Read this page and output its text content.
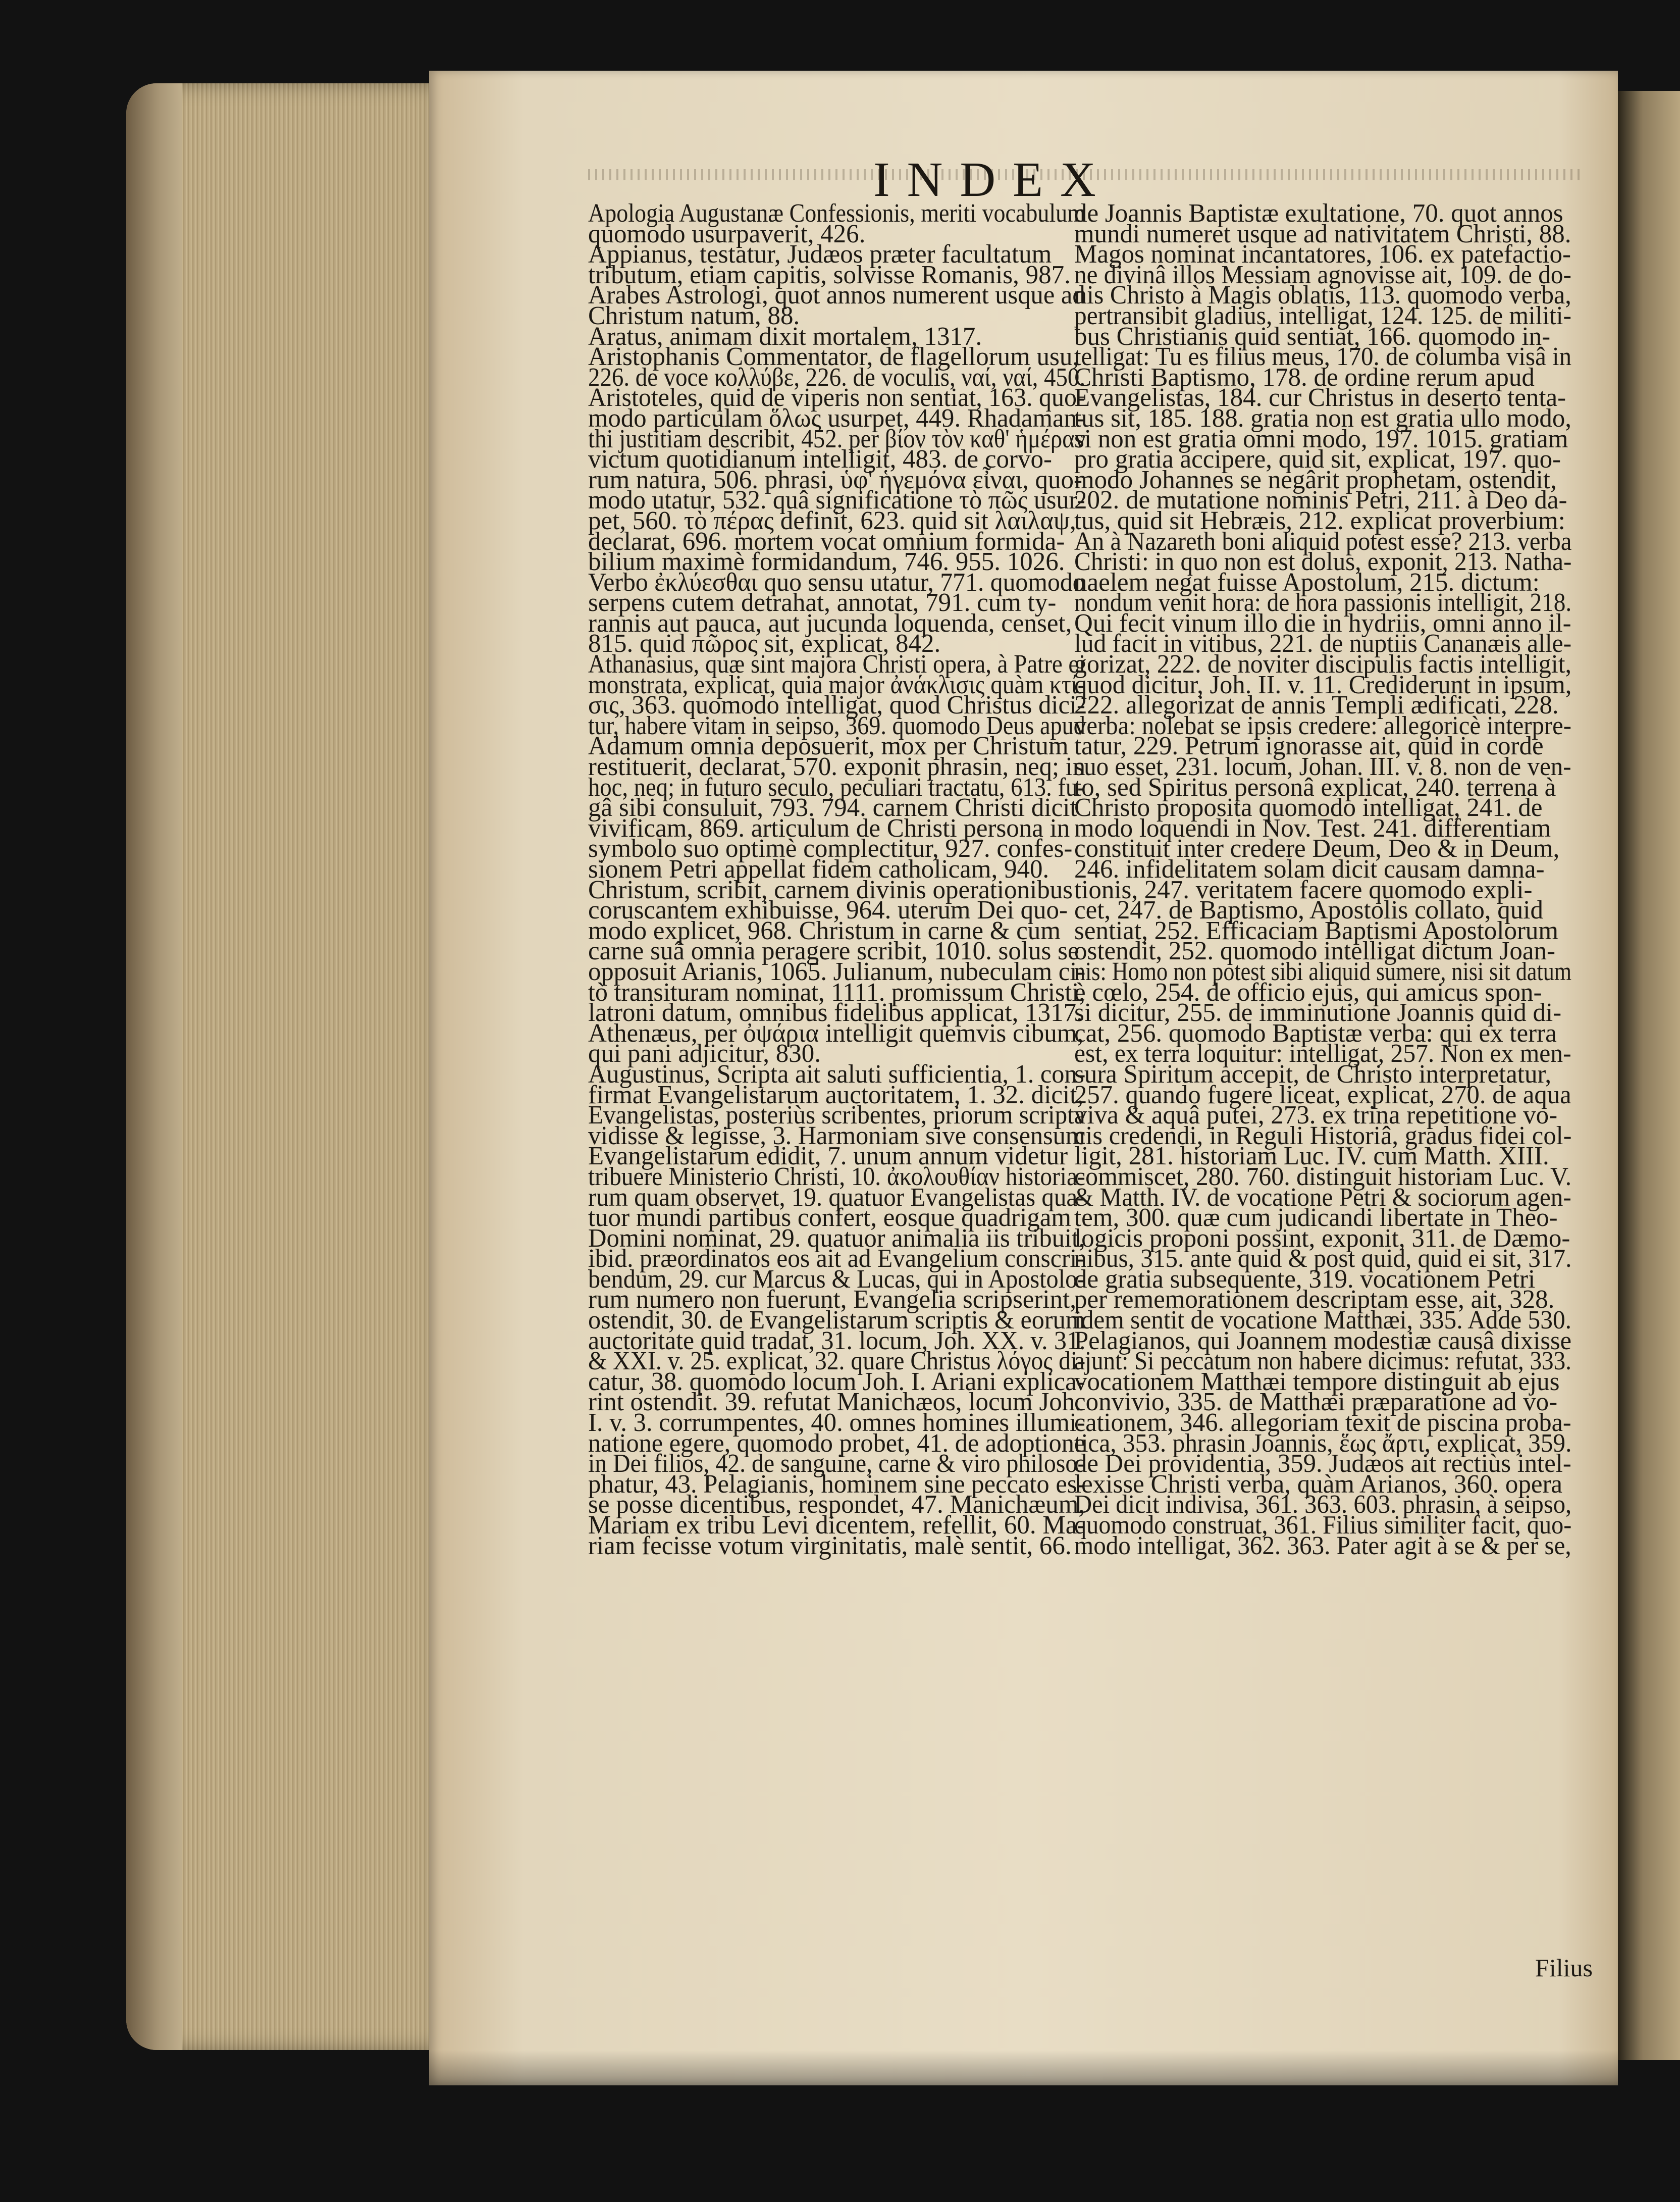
INDEX
Apologia Augustanæ Confessionis, meriti vocabulum
quomodo usurpaverit, 426.
Appianus, testatur, Judæos præter facultatum
tributum, etiam capitis, solvisse Romanis, 987.
Arabes Astrologi, quot annos numerent usque ad
Christum natum, 88.
Aratus, animam dixit mortalem, 1317.
Aristophanis Commentator, de flagellorum usu,
226. de voce κολλύβε, 226. de voculis, ναί, ναί, 450.
Aristoteles, quid de viperis non sentiat, 163. quo-
modo particulam ὅλως usurpet, 449. Rhadaman-
thi justitiam describit, 452. per βίον τὸν καθ' ἡμέραν
victum quotidianum intelligit, 483. de corvo-
rum natura, 506. phrasi, ὑφ' ἡγεμόνα εἶναι, quo-
modo utatur, 532. quâ significatione τὸ πῶς usur-
pet, 560. τὸ πέρας definit, 623. quid sit λαιλαψ,
declarat, 696. mortem vocat omnium formida-
bilium maximè formidandum, 746. 955. 1026.
Verbo ἐκλύεσθαι quo sensu utatur, 771. quomodo
serpens cutem detrahat, annotat, 791. cum ty-
rannis aut pauca, aut jucunda loquenda, censet,
815. quid πῶρος sit, explicat, 842.
Athanasius, quæ sint majora Christi opera, à Patre ei
monstrata, explicat, quia major ἀνάκλισις quàm κτί-
σις, 363. quomodo intelligat, quod Christus dici-
tur, habere vitam in seipso, 369. quomodo Deus apud
Adamum omnia deposuerit, mox per Christum
restituerit, declarat, 570. exponit phrasin, neq; in
hoc, neq; in futuro seculo, peculiari tractatu, 613. fu-
gâ sibi consuluit, 793. 794. carnem Christi dicit
vivificam, 869. articulum de Christi persona in
symbolo suo optimè complectitur, 927. confes-
sionem Petri appellat fidem catholicam, 940.
Christum, scribit, carnem divinis operationibus
coruscantem exhibuisse, 964. uterum Dei quo-
modo explicet, 968. Christum in carne & cum
carne suâ omnia peragere scribit, 1010. solus se
opposuit Arianis, 1065. Julianum, nubeculam ci-
tò transituram nominat, 1111. promissum Christi,
latroni datum, omnibus fidelibus applicat, 1317.
Athenæus, per ὀψάρια intelligit quemvis cibum,
qui pani adjicitur, 830.
Augustinus, Scripta ait saluti sufficientia, 1. con-
firmat Evangelistarum auctoritatem, 1. 32. dicit,
Evangelistas, posteriùs scribentes, priorum scripta
vidisse & legisse, 3. Harmoniam sive consensum
Evangelistarum edidit, 7. unum annum videtur
tribuere Ministerio Christi, 10. ἀκολουθίαν historia-
rum quam observet, 19. quatuor Evangelistas qua-
tuor mundi partibus confert, eosque quadrigam
Domini nominat, 29. quatuor animalia iis tribuit,
ibid. præordinatos eos ait ad Evangelium conscri-
bendum, 29. cur Marcus & Lucas, qui in Apostolo-
rum numero non fuerunt, Evangelia scripserint,
ostendit, 30. de Evangelistarum scriptis & eorum
auctoritate quid tradat, 31. locum, Joh. XX. v. 31.
& XXI. v. 25. explicat, 32. quare Christus λόγος di-
catur, 38. quomodo locum Joh. I. Ariani explica-
rint ostendit. 39. refutat Manichæos, locum Joh.
I. v. 3. corrumpentes, 40. omnes homines illumi-
natione egere, quomodo probet, 41. de adoptione
in Dei filios, 42. de sanguine, carne & viro philoso-
phatur, 43. Pelagianis, hominem sine peccato es-
se posse dicentibus, respondet, 47. Manichæum,
Mariam ex tribu Levi dicentem, refellit, 60. Ma-
riam fecisse votum virginitatis, malè sentit, 66.
de Joannis Baptistæ exultatione, 70. quot annos
mundi numeret usque ad nativitatem Christi, 88.
Magos nominat incantatores, 106. ex patefactio-
ne divinâ illos Messiam agnovisse ait, 109. de do-
nis Christo à Magis oblatis, 113. quomodo verba,
pertransibit gladius, intelligat, 124. 125. de militi-
bus Christianis quid sentiat, 166. quomodo in-
telligat: Tu es filius meus, 170. de columba visâ in
Christi Baptismo, 178. de ordine rerum apud
Evangelistas, 184. cur Christus in deserto tenta-
tus sit, 185. 188. gratia non est gratia ullo modo,
si non est gratia omni modo, 197. 1015. gratiam
pro gratia accipere, quid sit, explicat, 197. quo-
modo Johannes se negârit prophetam, ostendit,
202. de mutatione nominis Petri, 211. à Deo da-
tus, quid sit Hebræis, 212. explicat proverbium:
An à Nazareth boni aliquid potest esse? 213. verba
Christi: in quo non est dolus, exponit, 213. Natha-
naelem negat fuisse Apostolum, 215. dictum:
nondum venit hora: de hora passionis intelligit, 218.
Qui fecit vinum illo die in hydriis, omni anno il-
lud facit in vitibus, 221. de nuptiis Cananæis alle-
gorizat, 222. de noviter discipulis factis intelligit,
quod dicitur, Joh. II. v. 11. Crediderunt in ipsum,
222. allegorizat de annis Templi ædificati, 228.
verba: nolebat se ipsis credere: allegoricè interpre-
tatur, 229. Petrum ignorasse ait, quid in corde
suo esset, 231. locum, Johan. III. v. 8. non de ven-
to, sed Spiritus personâ explicat, 240. terrena à
Christo proposita quomodo intelligat, 241. de
modo loquendi in Nov. Test. 241. differentiam
constituit inter credere Deum, Deo & in Deum,
246. infidelitatem solam dicit causam damna-
tionis, 247. veritatem facere quomodo expli-
cet, 247. de Baptismo, Apostolis collato, quid
sentiat, 252. Efficaciam Baptismi Apostolorum
ostendit, 252. quomodo intelligat dictum Joan-
nis: Homo non potest sibi aliquid sumere, nisi sit datum
è cœlo, 254. de officio ejus, qui amicus spon-
si dicitur, 255. de imminutione Joannis quid di-
cat, 256. quomodo Baptistæ verba: qui ex terra
est, ex terra loquitur: intelligat, 257. Non ex men-
sura Spiritum accepit, de Christo interpretatur,
257. quando fugere liceat, explicat, 270. de aqua
viva & aquâ putei, 273. ex trina repetitione vo-
cis credendi, in Reguli Historiâ, gradus fidei col-
ligit, 281. historiam Luc. IV. cum Matth. XIII.
commiscet, 280. 760. distinguit historiam Luc. V.
& Matth. IV. de vocatione Petri & sociorum agen-
tem, 300. quæ cum judicandi libertate in Theo-
logicis proponi possint, exponit, 311. de Dæmo-
nibus, 315. ante quid & post quid, quid ei sit, 317.
de gratia subsequente, 319. vocationem Petri
per rememorationem descriptam esse, ait, 328.
idem sentit de vocatione Matthæi, 335. Adde 530.
Pelagianos, qui Joannem modestiæ causâ dixisse
ajunt: Si peccatum non habere dicimus: refutat, 333.
vocationem Matthæi tempore distinguit ab ejus
convivio, 335. de Matthæi præparatione ad vo-
cationem, 346. allegoriam texit de piscina proba-
tica, 353. phrasin Joannis, ἕως ἄρτι, explicat, 359.
de Dei providentia, 359. Judæos ait rectiùs intel-
lexisse Christi verba, quàm Arianos, 360. opera
Dei dicit indivisa, 361. 363. 603. phrasin, à seipso,
quomodo construat, 361. Filius similiter facit, quo-
modo intelligat, 362. 363. Pater agit à se & per se,
Filius
